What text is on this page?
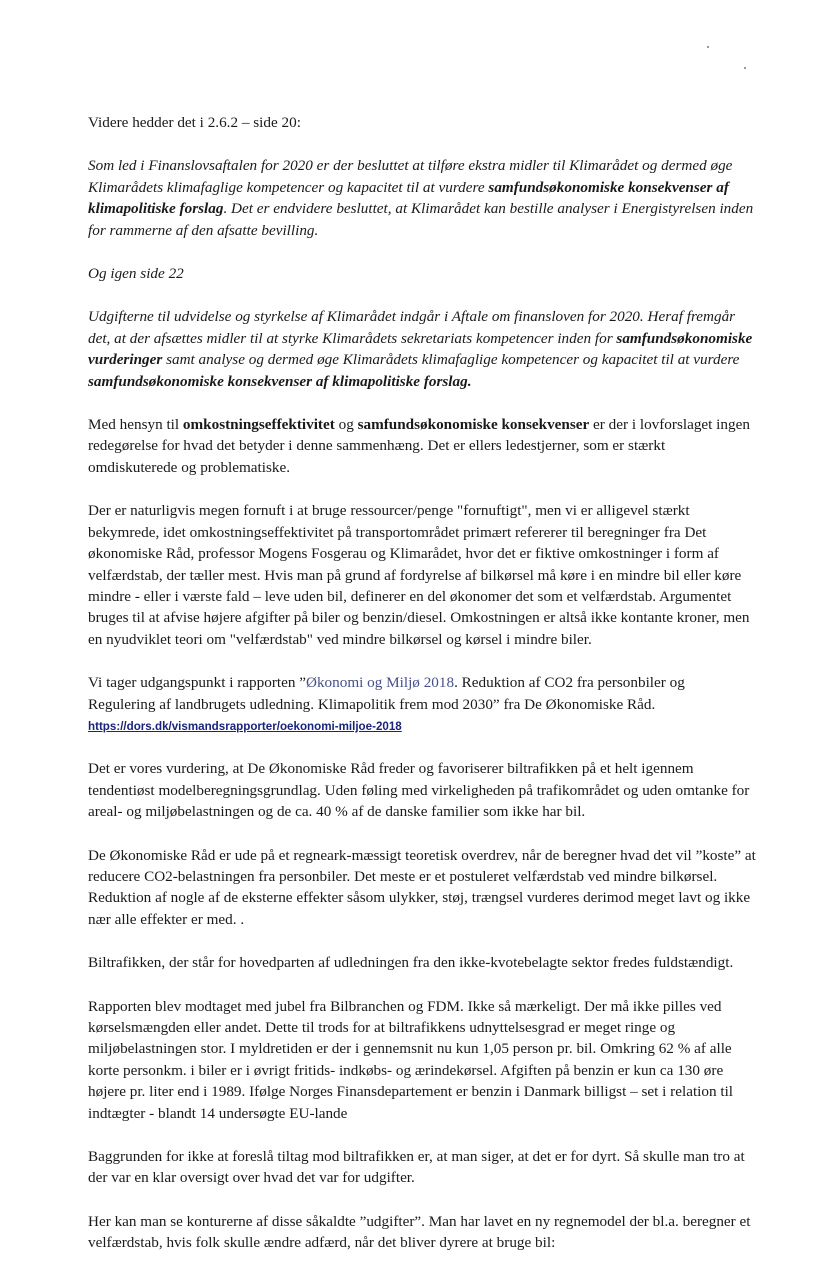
Videre hedder det i 2.6.2 – side 20:

Som led i Finanslovsaftalen for 2020 er der besluttet at tilføre ekstra midler til Klimarådet og dermed øge Klimarådets klimafaglige kompetencer og kapacitet til at vurdere samfundsøkonomiske konsekvenser af klimapolitiske forslag. Det er endvidere besluttet, at Klimarådet kan bestille analyser i Energistyrelsen inden for rammerne af den afsatte bevilling.

Og igen side 22

Udgifterne til udvidelse og styrkelse af Klimarådet indgår i Aftale om finansloven for 2020. Heraf fremgår det, at der afsættes midler til at styrke Klimarådets sekretariats kompetencer inden for samfundsøkonomiske vurderinger samt analyse og dermed øge Klimarådets klimafaglige kompetencer og kapacitet til at vurdere samfundsøkonomiske konsekvenser af klimapolitiske forslag.

Med hensyn til omkostningseffektivitet og samfundsøkonomiske konsekvenser er der i lovforslaget ingen redegørelse for hvad det betyder i denne sammenhæng. Det er ellers ledestjerner, som er stærkt omdiskuterede og problematiske.

Der er naturligvis megen fornuft i at bruge ressourcer/penge "fornuftigt", men vi er alligevel stærkt bekymrede, idet omkostningseffektivitet på transportområdet primært refererer til beregninger fra Det økonomiske Råd, professor Mogens Fosgerau og Klimarådet, hvor det er fiktive omkostninger i form af velfærdstab, der tæller mest. Hvis man på grund af fordyrelse af bilkørsel må køre i en mindre bil eller køre mindre - eller i værste fald – leve uden bil, definerer en del økonomer det som et velfærdstab. Argumentet bruges til at afvise højere afgifter på biler og benzin/diesel. Omkostningen er altså ikke kontante kroner, men en nyudviklet teori om "velfærdstab" ved mindre bilkørsel og kørsel i mindre biler.

Vi tager udgangspunkt i rapporten ”Økonomi og Miljø 2018. Reduktion af CO2 fra personbiler og Regulering af landbrugets udledning. Klimapolitik frem mod 2030” fra De Økonomiske Råd.
https://dors.dk/vismandsrapporter/oekonomi-miljoe-2018

Det er vores vurdering, at De Økonomiske Råd freder og favoriserer biltrafikken på et helt igennem tendentiøst modelberegningsgrundlag. Uden føling med virkeligheden på trafikområdet og uden omtanke for areal- og miljøbelastningen og de ca. 40 % af de danske familier som ikke har bil.

De Økonomiske Råd er ude på et regneark-mæssigt teoretisk overdrev, når de beregner hvad det vil ”koste” at reducere CO2-belastningen fra personbiler. Det meste er et postuleret velfærdstab ved mindre bilkørsel. Reduktion af nogle af de eksterne effekter såsom ulykker, støj, trængsel vurderes derimod meget lavt og ikke nær alle effekter er med. .

Biltrafikken, der står for hovedparten af udledningen fra den ikke-kvotebelagte sektor fredes fuldstændigt.

Rapporten blev modtaget med jubel fra Bilbranchen og FDM. Ikke så mærkeligt. Der må ikke pilles ved kørselsmængden eller andet. Dette til trods for at biltrafikkens udnyttelsesgrad er meget ringe og miljøbelastningen stor. I myldretiden er der i gennemsnit nu kun 1,05 person pr. bil. Omkring 62 % af alle korte personkm. i biler er i øvrigt fritids- indkøbs- og ærindekørsel. Afgiften på benzin er kun ca 130 øre højere pr. liter end i 1989. Ifølge Norges Finansdepartement er benzin i Danmark billigst – set i relation til indtægter - blandt 14 undersøgte EU-lande

Baggrunden for ikke at foreslå tiltag mod biltrafikken er, at man siger, at det er for dyrt. Så skulle man tro at der var en klar oversigt over hvad det var for udgifter.

Her kan man se konturerne af disse såkaldte ”udgifter”. Man har lavet en ny regnemodel der bl.a. beregner et velfærdstab, hvis folk skulle ændre adfærd, når det bliver dyrere at bruge bil:
